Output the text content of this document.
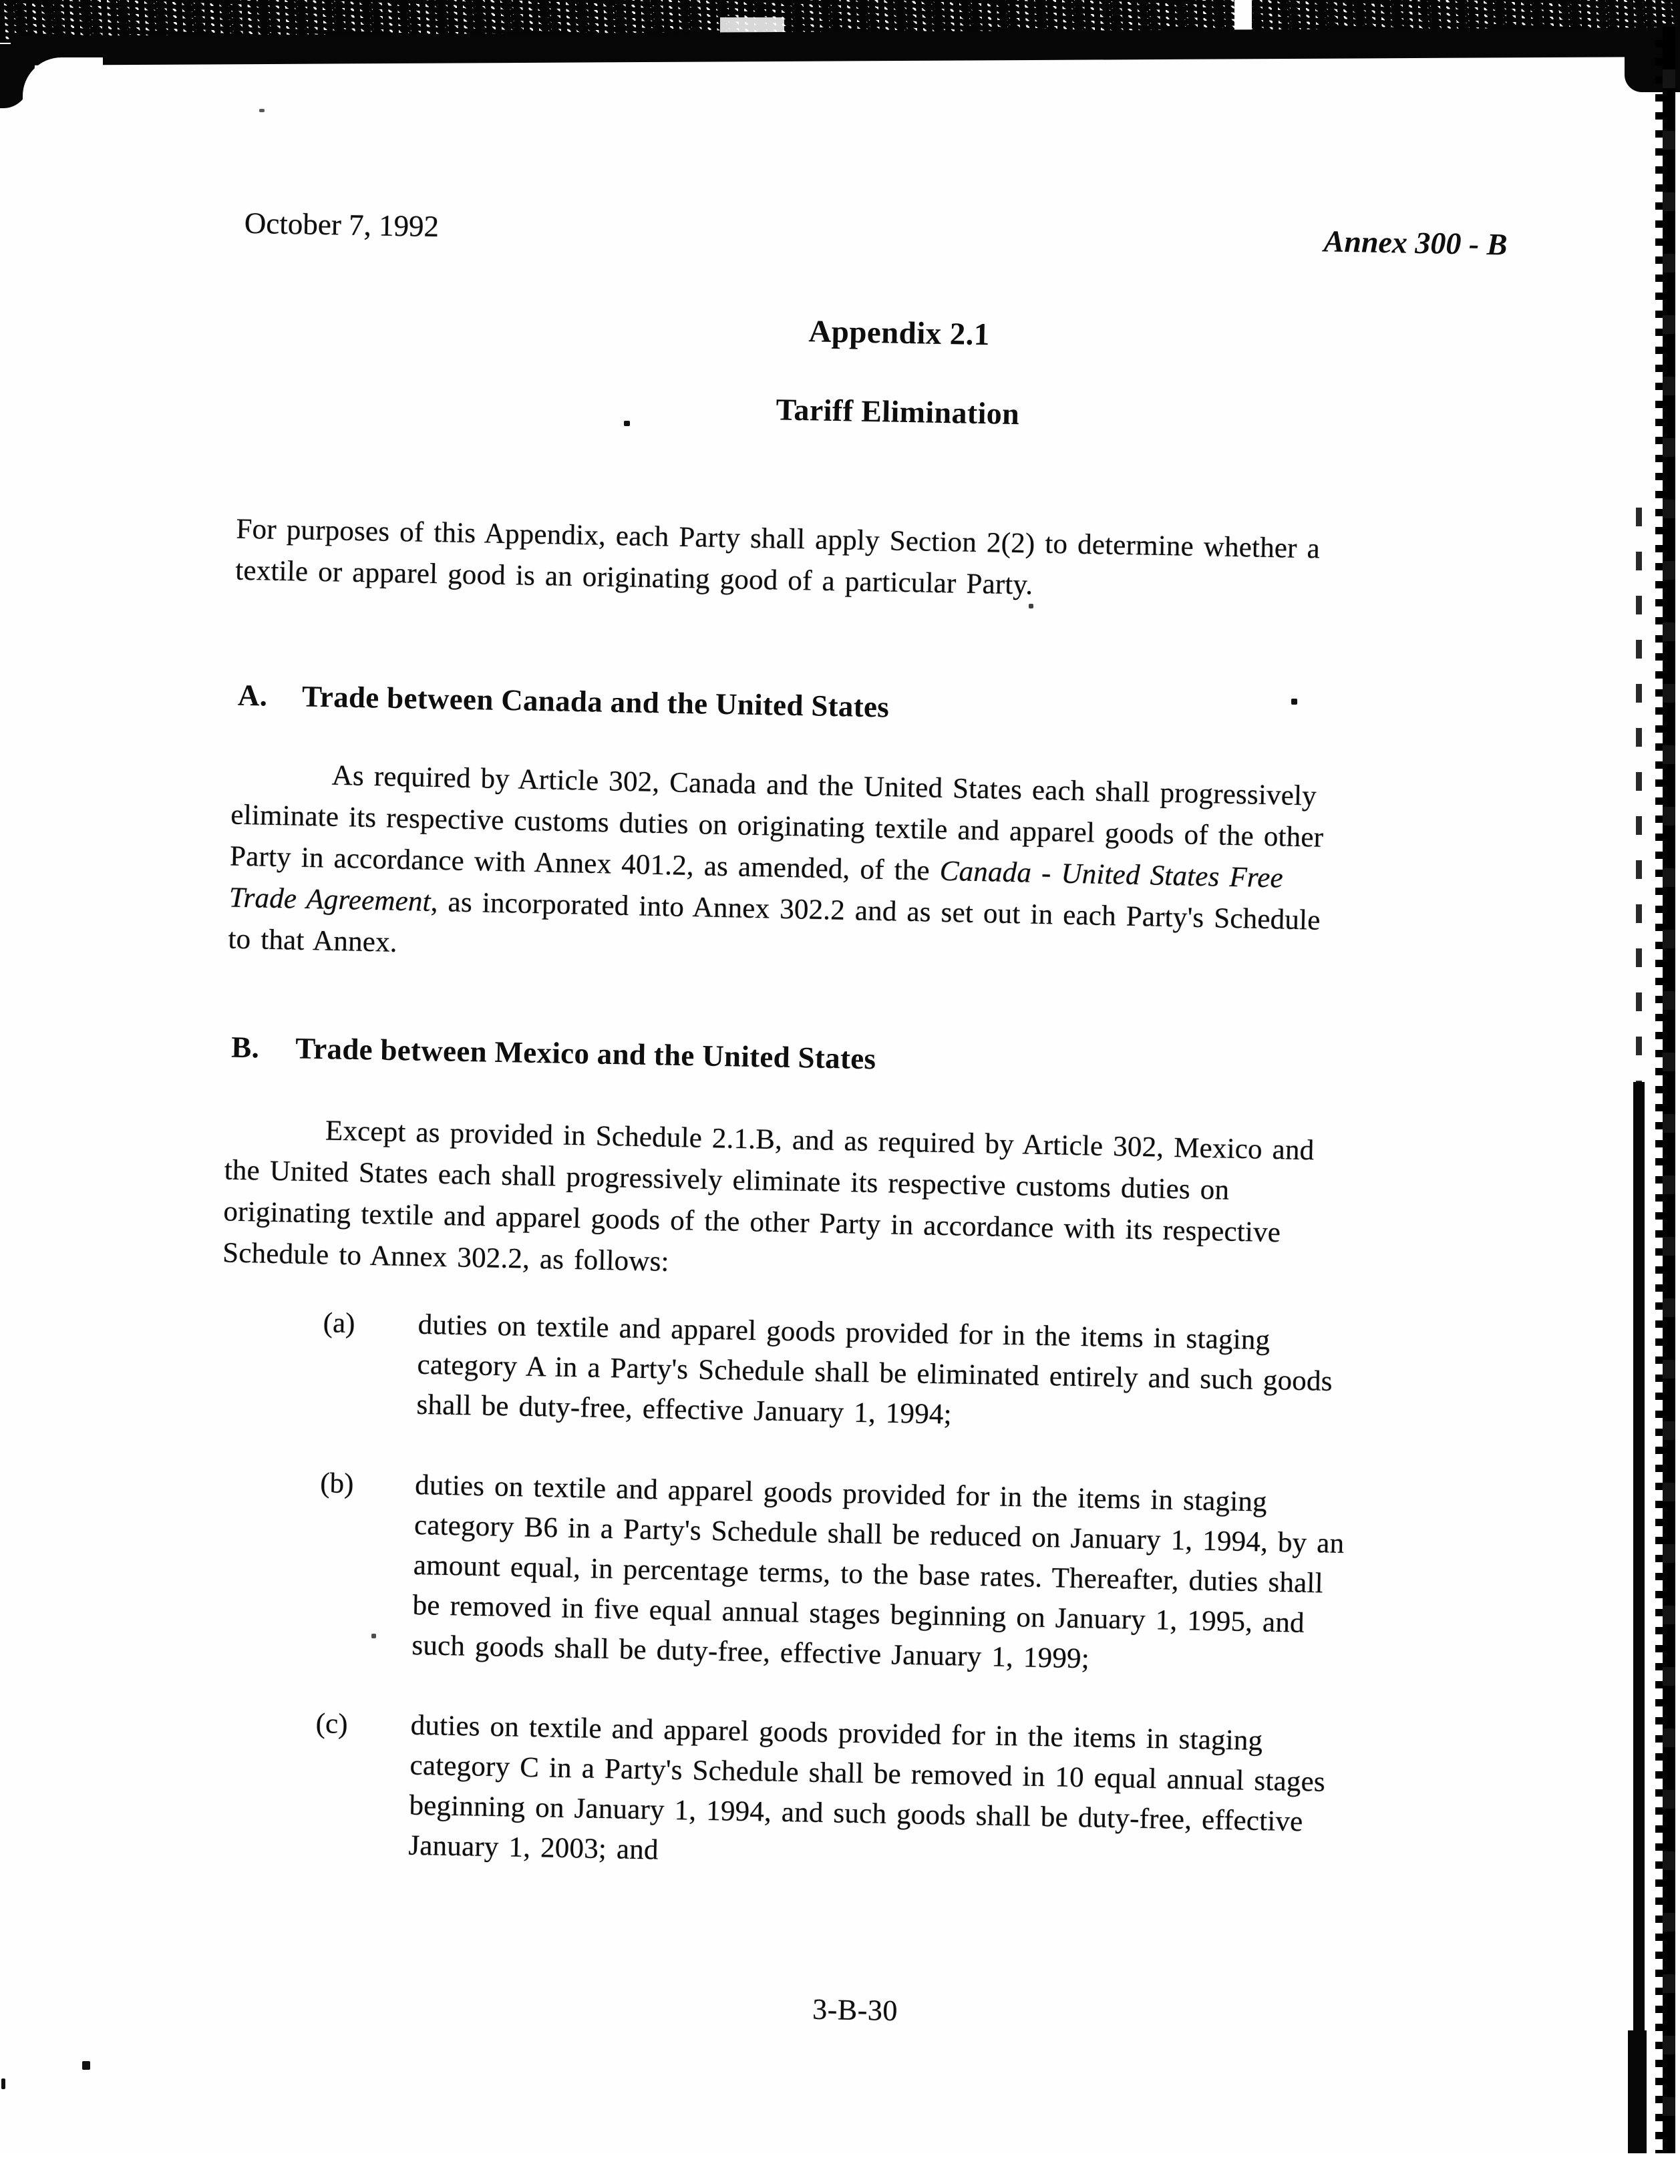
October 7, 1992	Annex 300 - B
Appendix 2.1
Tariff Elimination
For purposes of this Appendix, each Party shall apply Section 2(2) to determine whether a
textile or apparel good is an originating good of a particular Party.
A. Trade between Canada and the United States
As required by Article 302, Canada and the United States each shall progressively
eliminate its respective customs duties on originating textile and apparel goods of the other
Party in accordance with Annex 401.2, as amended, of the Canada - United States Free
Trade Agreement, as incorporated into Annex 302.2 and as set out in each Party's Schedule
to that Annex.
B. Trade between Mexico and the United States
Except as provided in Schedule 2.1.B, and as required by Article 302, Mexico and
the United States each shall progressively eliminate its respective customs duties on
originating textile and apparel goods of the other Party in accordance with its respective
Schedule to Annex 302.2, as follows:
(a) duties on textile and apparel goods provided for in the items in staging
category A in a Party's Schedule shall be eliminated entirely and such goods
shall be duty-free, effective January 1, 1994;
(b) duties on textile and apparel goods provided for in the items in staging
category B6 in a Party's Schedule shall be reduced on January 1, 1994, by an
amount equal, in percentage terms, to the base rates. Thereafter, duties shall
be removed in five equal annual stages beginning on January 1, 1995, and
such goods shall be duty-free, effective January 1, 1999;
(c) duties on textile and apparel goods provided for in the items in staging
category C in a Party's Schedule shall be removed in 10 equal annual stages
beginning on January 1, 1994, and such goods shall be duty-free, effective
January 1, 2003; and
3-B-30
